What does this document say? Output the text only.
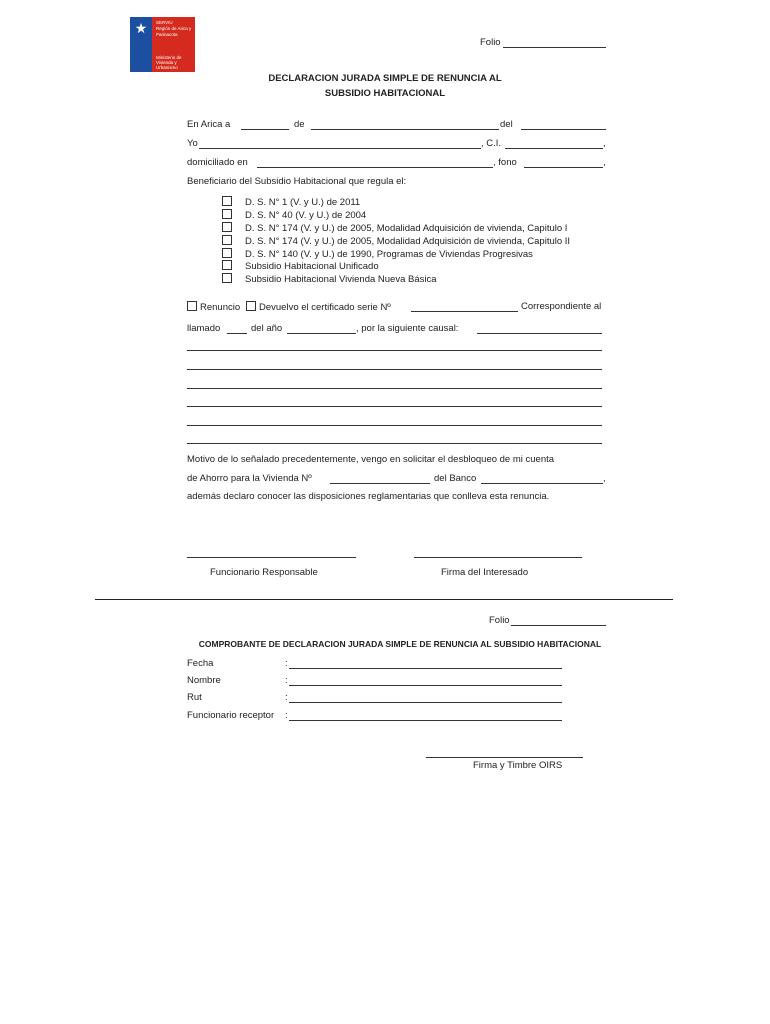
★	SERVIU
Región de Arica y
Parinacota
Ministerio de
Vivienda y
Urbanismo
Folio
DECLARACION JURADA SIMPLE DE RENUNCIA AL
SUBSIDIO HABITACIONAL
En Arica a	de	del
Yo	, C.I.	,
domiciliado en	, fono	,
Beneficiario del Subsidio Habitacional que regula el:
D. S. N° 1 (V. y U.) de 2011
D. S. N° 40 (V. y U.) de 2004
D. S. N° 174 (V. y U.) de 2005, Modalidad Adquisición de vivienda, Capitulo I
D. S. N° 174 (V. y U.) de 2005, Modalidad Adquisición de vivienda, Capitulo II
D. S. N° 140 (V. y U.) de 1990, Programas de Viviendas Progresivas
Subsidio Habitacional Unificado
Subsidio Habitacional Vivienda Nueva Básica
Renuncio	Devuelvo el certificado serie Nº	Correspondiente al
llamado	del año	, por la siguiente causal:
Motivo de lo señalado precedentemente, vengo en solicitar el desbloqueo de mi cuenta
de Ahorro para la Vivienda Nº	del Banco	,
además declaro conocer las disposiciones reglamentarias que conlleva esta renuncia.
Funcionario Responsable	Firma del Interesado
Folio
COMPROBANTE DE DECLARACION JURADA SIMPLE DE RENUNCIA AL SUBSIDIO HABITACIONAL
Fecha	:
Nombre	:
Rut	:
Funcionario receptor :
Firma y Timbre OIRS
